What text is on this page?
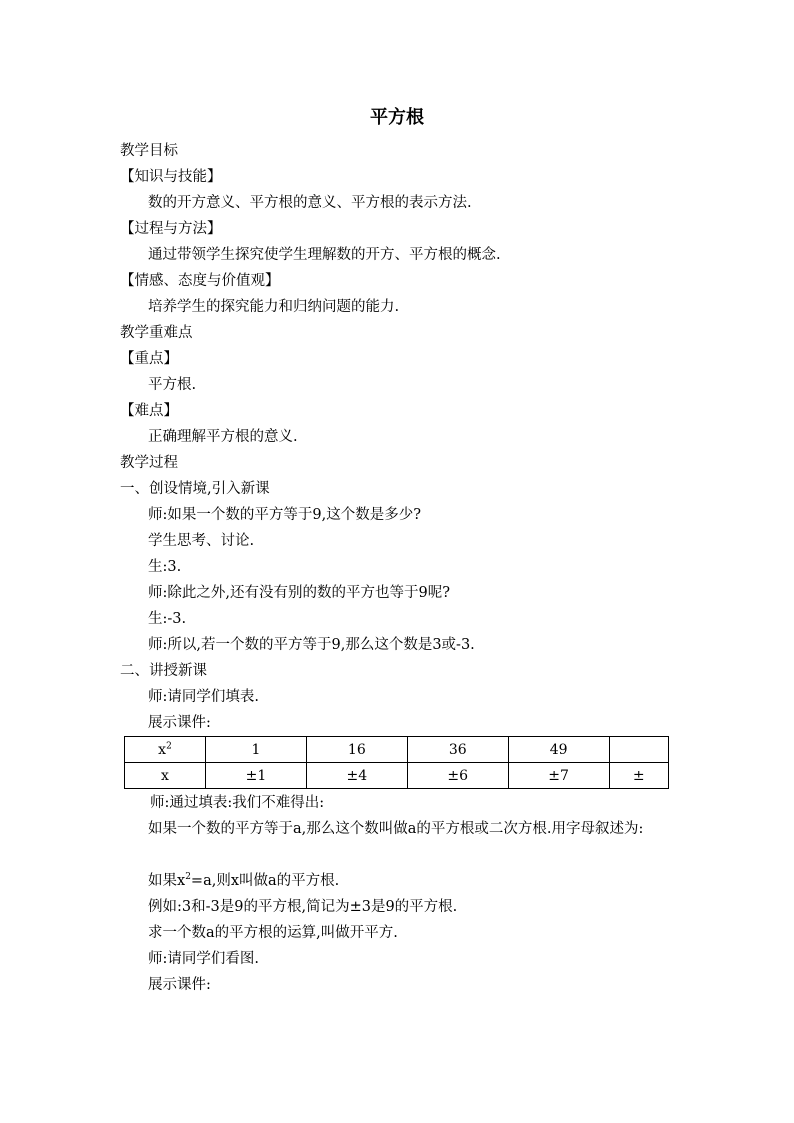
平方根
教学目标
【知识与技能】
数的开方意义、平方根的意义、平方根的表示方法.
【过程与方法】
通过带领学生探究使学生理解数的开方、平方根的概念.
【情感、态度与价值观】
培养学生的探究能力和归纳问题的能力.
教学重难点
【重点】
平方根.
【难点】
正确理解平方根的意义.
教学过程
一、创设情境,引入新课
师:如果一个数的平方等于9,这个数是多少?
学生思考、讨论.
生:3.
师:除此之外,还有没有别的数的平方也等于9呢?
生:-3.
师:所以,若一个数的平方等于9,那么这个数是3或-3.
二、讲授新课
师:请同学们填表.
展示课件:
$x^2$	1	16	36	49	
x	±1	±4	±6	±7	±
师:通过填表:我们不难得出:
如果一个数的平方等于a,那么这个数叫做a的平方根或二次方根.用字母叙述为:
如果$x^2=a$,则x叫做a的平方根.
例如:3和-3是9的平方根,简记为±3是9的平方根.
求一个数a的平方根的运算,叫做开平方.
师:请同学们看图.
展示课件:
